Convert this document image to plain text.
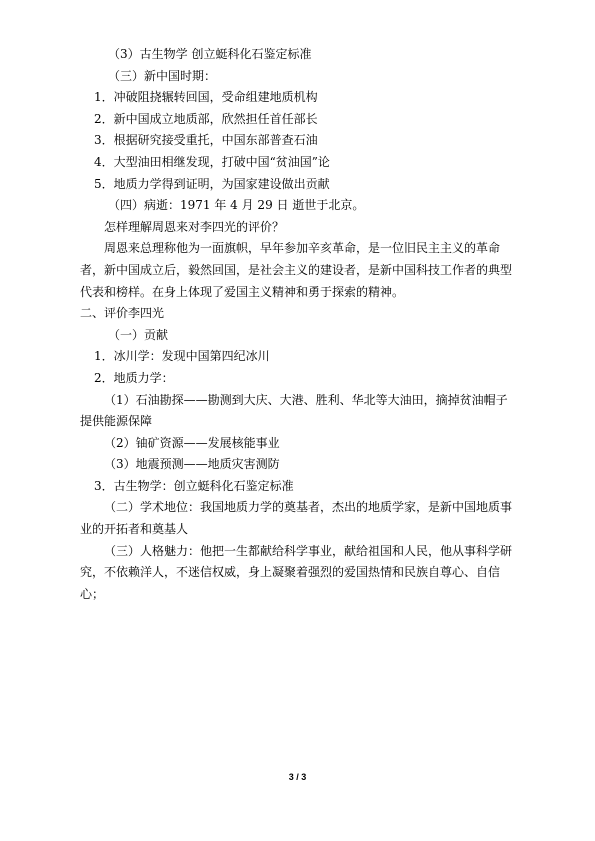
（3）古生物学 创立蜓科化石鉴定标准

（三）新中国时期：

1．冲破阻挠辗转回国，受命组建地质机构

2．新中国成立地质部，欣然担任首任部长

3．根据研究接受重托，中国东部普查石油

4．大型油田相继发现，打破中国“贫油国”论

5．地质力学得到证明，为国家建设做出贡献

（四）病逝：1971 年 4 月 29 日 逝世于北京。

怎样理解周恩来对李四光的评价？

周恩来总理称他为一面旗帜，早年参加辛亥革命，是一位旧民主主义的革命者，新中国成立后，毅然回国，是社会主义的建设者，是新中国科技工作者的典型代表和榜样。在身上体现了爱国主义精神和勇于探索的精神。

二、评价李四光

（一）贡献

1．冰川学：发现中国第四纪冰川

2．地质力学：

（1）石油勘探——勘测到大庆、大港、胜利、华北等大油田，摘掉贫油帽子提供能源保障

（2）铀矿资源——发展核能事业

（3）地震预测——地质灾害测防

3．古生物学：创立蜓科化石鉴定标准

（二）学术地位：我国地质力学的奠基者，杰出的地质学家，是新中国地质事业的开拓者和奠基人

（三）人格魅力：他把一生都献给科学事业，献给祖国和人民，他从事科学研究，不依赖洋人，不迷信权威，身上凝聚着强烈的爱国热情和民族自尊心、自信心；

3 / 3
